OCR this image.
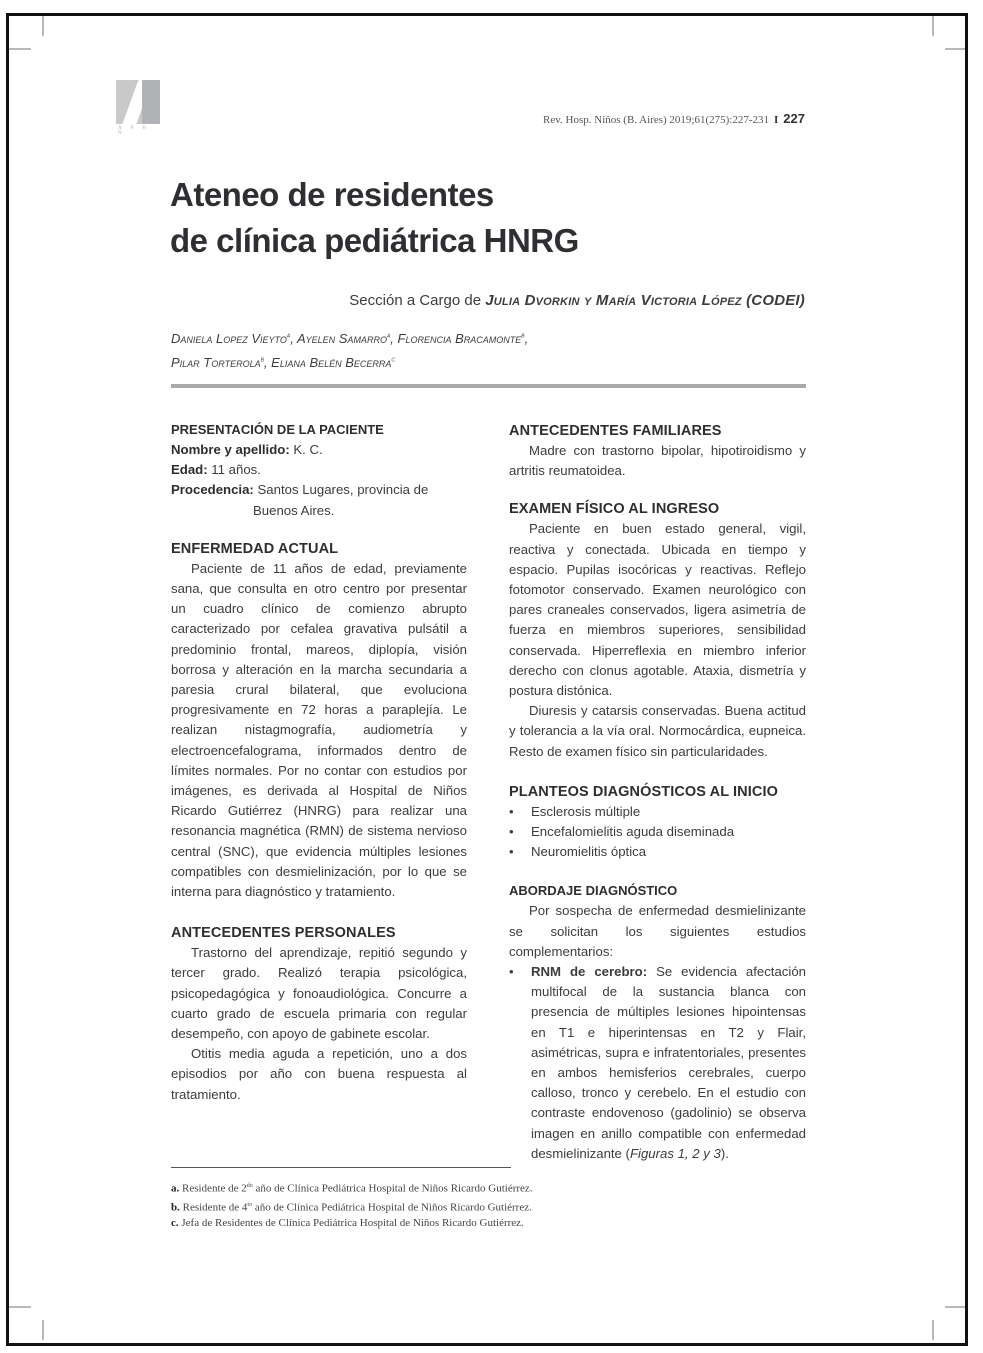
A P H N
Rev. Hosp. Niños (B. Aires) 2019;61(275):227-231 I 227
Ateneo de residentes
de clínica pediátrica HNRG
Sección a Cargo de Julia Dvorkin y María Victoria López (CODEI)
Daniela Lopez Vieyto$^a$, Ayelen Samarro$^a$, Florencia Bracamonte$^b$,
Pilar Torterola$^b$, Eliana Belén Becerra$^c$
PRESENTACIÓN DE LA PACIENTE
Nombre y apellido: K. C.
Edad: 11 años.
Procedencia: Santos Lugares, provincia de
Buenos Aires.
ENFERMEDAD ACTUAL

Paciente de 11 años de edad, previamente sana, que consulta en otro centro por presentar un cuadro clínico de comienzo abrupto caracterizado por cefalea gravativa pulsátil a predominio frontal, mareos, diplopía, visión borrosa y alteración en la marcha secundaria a paresia crural bilateral, que evoluciona progresivamente en 72 horas a paraplejía. Le realizan nistagmografía, audiometría y electroencefalograma, informados dentro de límites normales. Por no contar con estudios por imágenes, es derivada al Hospital de Niños Ricardo Gutiérrez (HNRG) para realizar una resonancia magnética (RMN) de sistema nervioso central (SNC), que evidencia múltiples lesiones compatibles con desmielinización, por lo que se interna para diagnóstico y tratamiento.

ANTECEDENTES PERSONALES

Trastorno del aprendizaje, repitió segundo y tercer grado. Realizó terapia psicológica, psicopedagógica y fonoaudiológica. Concurre a cuarto grado de escuela primaria con regular desempeño, con apoyo de gabinete escolar.

Otitis media aguda a repetición, uno a dos episodios por año con buena respuesta al tratamiento.

ANTECEDENTES FAMILIARES

Madre con trastorno bipolar, hipotiroidismo y artritis reumatoidea.

EXAMEN FÍSICO AL INGRESO

Paciente en buen estado general, vigil, reactiva y conectada. Ubicada en tiempo y espacio. Pupilas isocóricas y reactivas. Reflejo fotomotor conservado. Examen neurológico con pares craneales conservados, ligera asimetría de fuerza en miembros superiores, sensibilidad conservada. Hiperreflexia en miembro inferior derecho con clonus agotable. Ataxia, dismetría y postura distónica.

Diuresis y catarsis conservadas. Buena actitud y tolerancia a la vía oral. Normocárdica, eupneica. Resto de examen físico sin particularidades.

PLANTEOS DIAGNÓSTICOS AL INICIO
• Esclerosis múltiple
• Encefalomielitis aguda diseminada
• Neuromielitis óptica
ABORDAJE DIAGNÓSTICO

Por sospecha de enfermedad desmielinizante se solicitan los siguientes estudios complementarios:

• RNM de cerebro: Se evidencia afectación multifocal de la sustancia blanca con presencia de múltiples lesiones hipointensas en T1 e hiperintensas en T2 y Flair, asimétricas, supra e infratentoriales, presentes en ambos hemisferios cerebrales, cuerpo calloso, tronco y cerebelo. En el estudio con contraste endovenoso (gadolinio) se observa imagen en anillo compatible con enfermedad desmielinizante (Figuras 1, 2 y 3).
a. Residente de $2^{do}$ año de Clínica Pediátrica Hospital de Niños Ricardo Gutiérrez.
b. Residente de $4^{to}$ año de Clínica Pediátrica Hospital de Niños Ricardo Gutiérrez.
c. Jefa de Residentes de Clínica Pediátrica Hospital de Niños Ricardo Gutiérrez.
